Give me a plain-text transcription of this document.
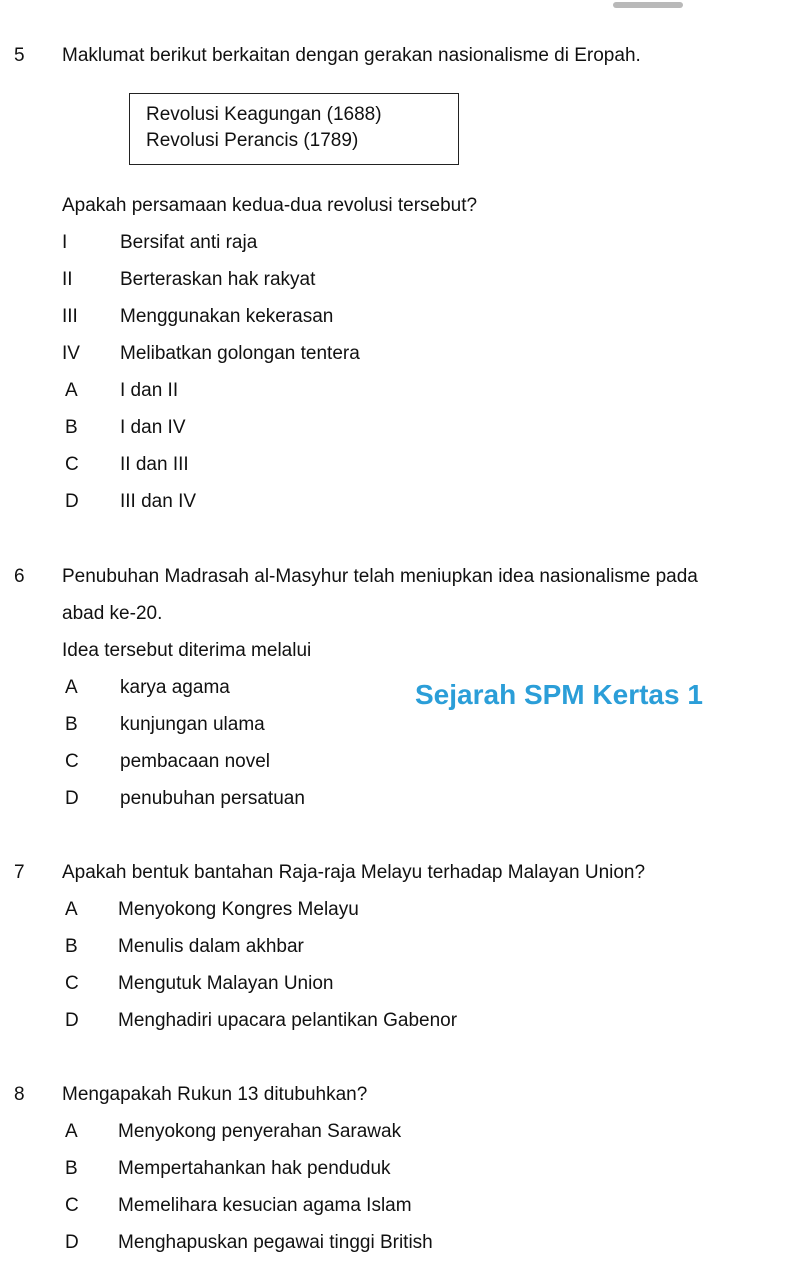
5 Maklumat berikut berkaitan dengan gerakan nasionalisme di Eropah.
Revolusi Keagungan (1688)
Revolusi Perancis (1789)
Apakah persamaan kedua-dua revolusi tersebut?
I	Bersifat anti raja
II Berteraskan hak rakyat
III Menggunakan kekerasan
IV Melibatkan golongan tentera
A I dan II
B I dan IV
C II dan III
D III dan IV
6 Penubuhan Madrasah al-Masyhur telah meniupkan idea nasionalisme pada
abad ke-20.
Idea tersebut diterima melalui
A karya agama
B kunjungan ulama
C pembacaan novel
D penubuhan persatuan
Sejarah SPM Kertas 1
7 Apakah bentuk bantahan Raja-raja Melayu terhadap Malayan Union?
A Menyokong Kongres Melayu
B Menulis dalam akhbar
C Mengutuk Malayan Union
D Menghadiri upacara pelantikan Gabenor
8 Mengapakah Rukun 13 ditubuhkan?
A Menyokong penyerahan Sarawak
B Mempertahankan hak penduduk
C Memelihara kesucian agama Islam
D Menghapuskan pegawai tinggi British
